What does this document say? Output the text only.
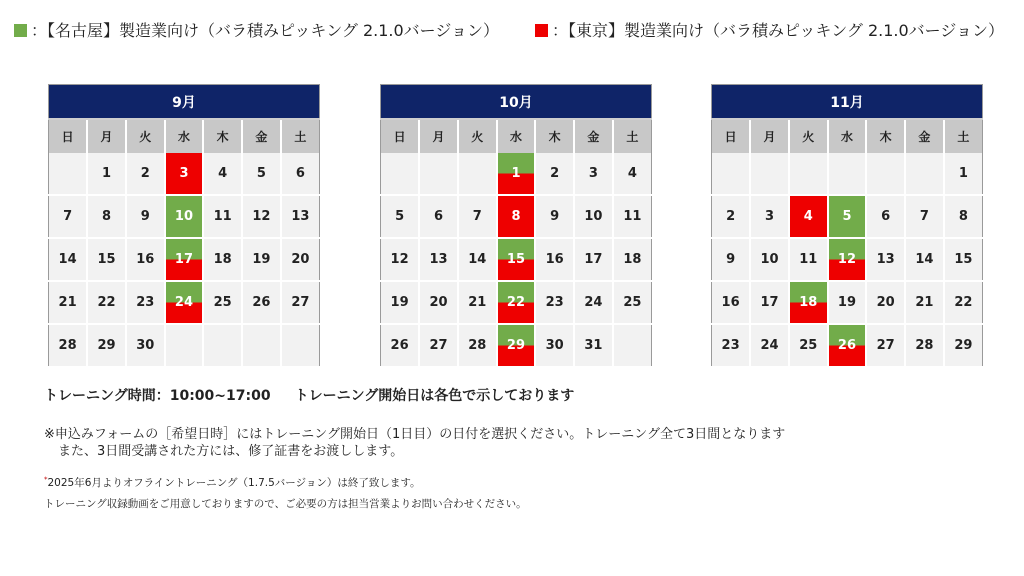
：【名古屋】製造業向け（バラ積みピッキング 2.1.0バージョン）	：【東京】製造業向け（バラ積みピッキング 2.1.0バージョン）
9月						
日	月	火	水	木	金	土
	1	2	3	4	5	6
7	8	9	10	11	12	13
14	15	16	17	18	19	20
21	22	23	24	25	26	27
28	29	30				
10月						
日	月	火	水	木	金	土
			1	2	3	4
5	6	7	8	9	10	11
12	13	14	15	16	17	18
19	20	21	22	23	24	25
26	27	28	29	30	31	
11月						
日	月	火	水	木	金	土
						1
2	3	4	5	6	7	8
9	10	11	12	13	14	15
16	17	18	19	20	21	22
23	24	25	26	27	28	29
トレーニング時間：10:00~17:00 トレーニング開始日は各色で示しております
※申込みフォームの［希望日時］にはトレーニング開始日（1日目）の日付を選択ください。トレーニング全て3日間となります
また、3日間受講された方には、修了証書をお渡しします。
*2025年6月よりオフライントレーニング（1.7.5バージョン）は終了致します。
トレーニング収録動画をご用意しておりますので、ご必要の方は担当営業よりお問い合わせください。
